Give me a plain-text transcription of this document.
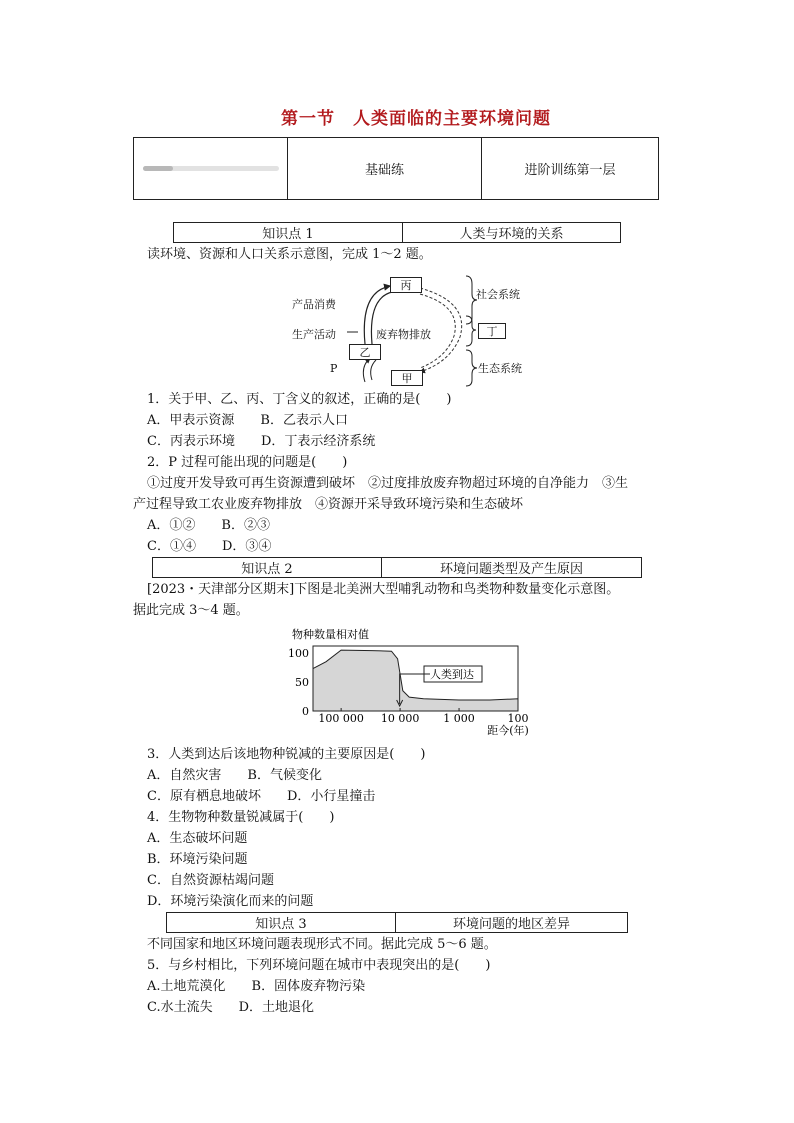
第一节　人类面临的主要环境问题
基础练	进阶训练第一层
知识点 1	人类与环境的关系
读环境、资源和人口关系示意图，完成 1～2 题。
丙
乙
甲
丁
产品消费
生产活动	废弃物排放
P
社会系统
生态系统
1．关于甲、乙、丙、丁含义的叙述，正确的是(　　)
A．甲表示资源　　B．乙表示人口
C．丙表示环境　　D．丁表示经济系统
2．P 过程可能出现的问题是(　　)
①过度开发导致可再生资源遭到破坏　②过度排放废弃物超过环境的自净能力　③生
产过程导致工农业废弃物排放　④资源开采导致环境污染和生态破坏
A．①②　　B．②③
C．①④　　D．③④
知识点 2	环境问题类型及产生原因
[2023・天津部分区期末]下图是北美洲大型哺乳动物和鸟类物种数量变化示意图。
据此完成 3～4 题。
物种数量相对值
100
50
0
100 000 10 000 1 000	100
人类到达
距今(年)
3．人类到达后该地物种锐减的主要原因是(　　)
A．自然灾害　　B．气候变化
C．原有栖息地破坏　　D．小行星撞击
4．生物物种数量锐减属于(　　)
A．生态破坏问题
B．环境污染问题
C．自然资源枯竭问题
D．环境污染演化而来的问题
知识点 3	环境问题的地区差异
不同国家和地区环境问题表现形式不同。据此完成 5～6 题。
5．与乡村相比，下列环境问题在城市中表现突出的是(　　)
A.土地荒漠化　　B．固体废弃物污染
C.水土流失　　D．土地退化
